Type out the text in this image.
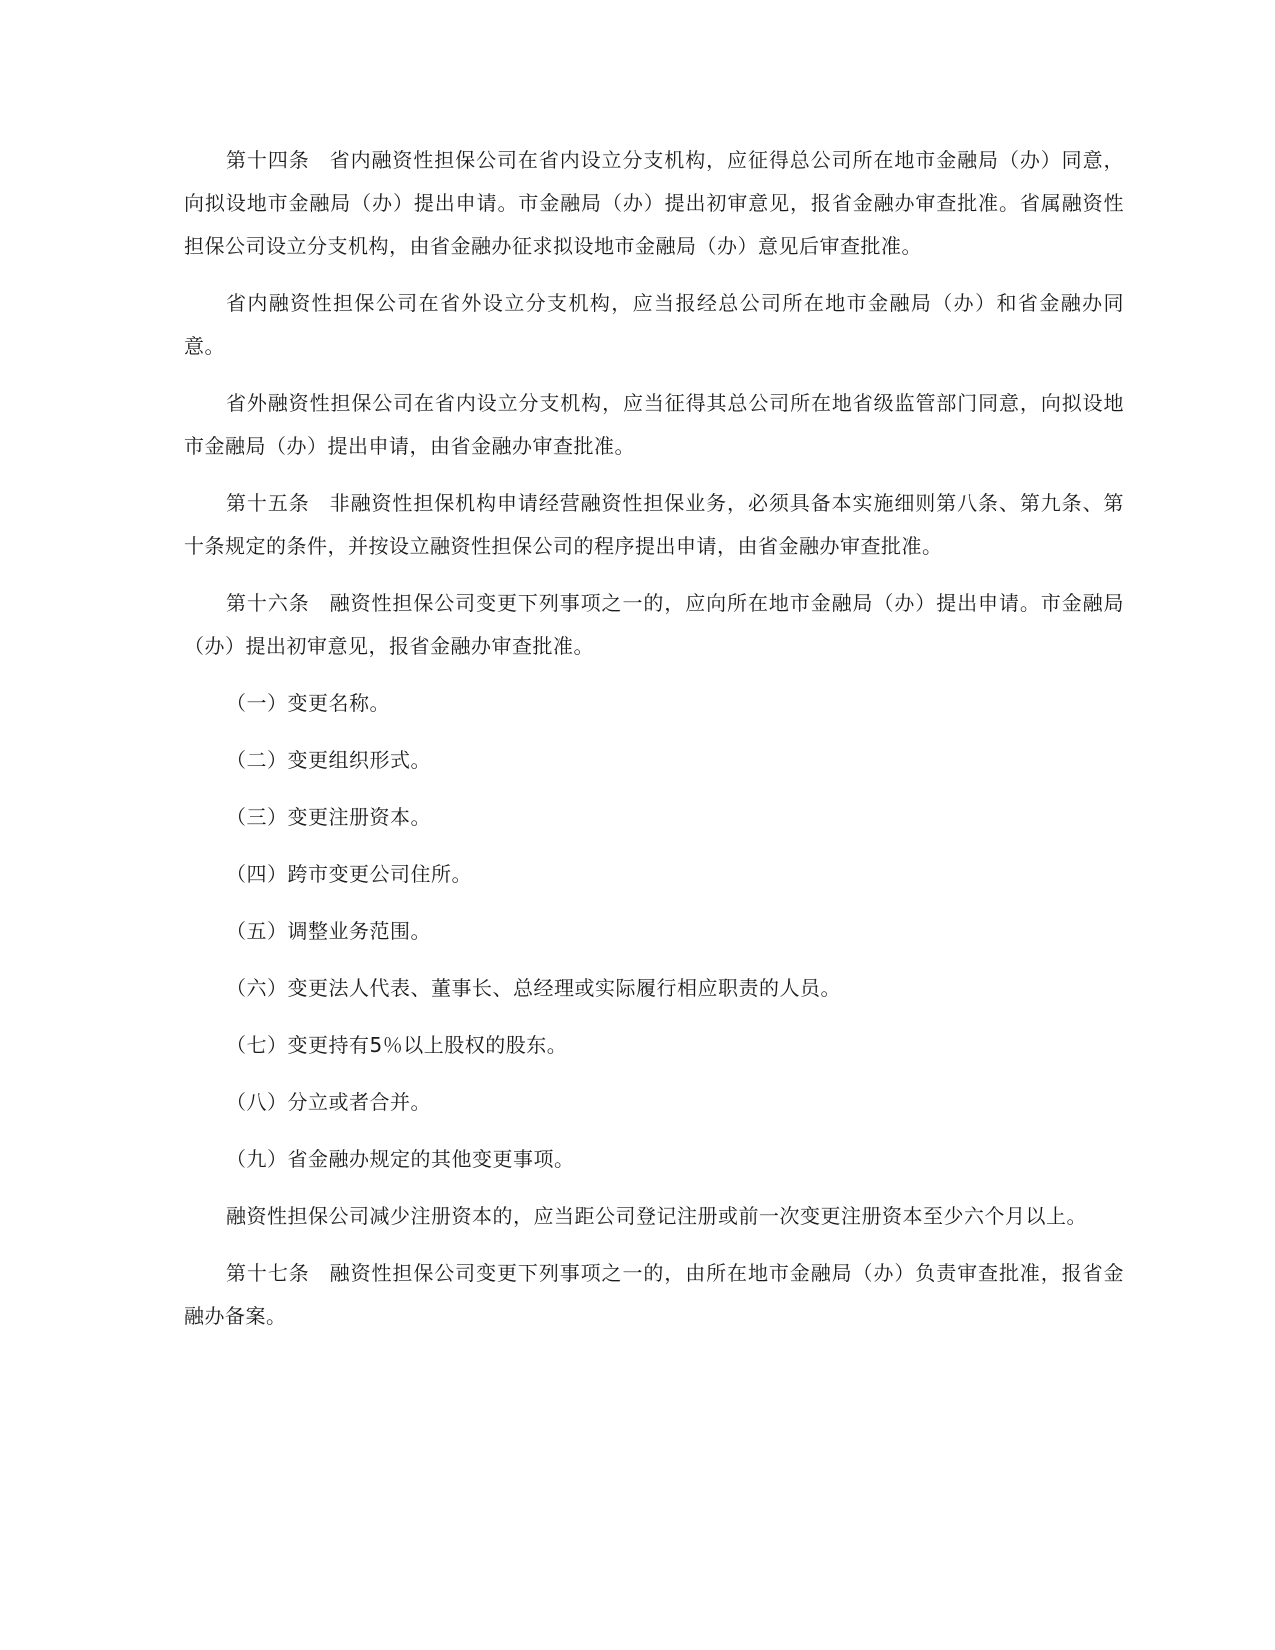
第十四条 省内融资性担保公司在省内设立分支机构，应征得总公司所在地市金融局（办）同意，向拟设地市金融局（办）提出申请。市金融局（办）提出初审意见，报省金融办审查批准。省属融资性担保公司设立分支机构，由省金融办征求拟设地市金融局（办）意见后审查批准。

省内融资性担保公司在省外设立分支机构，应当报经总公司所在地市金融局（办）和省金融办同意。

省外融资性担保公司在省内设立分支机构，应当征得其总公司所在地省级监管部门同意，向拟设地市金融局（办）提出申请，由省金融办审查批准。

第十五条 非融资性担保机构申请经营融资性担保业务，必须具备本实施细则第八条、第九条、第十条规定的条件，并按设立融资性担保公司的程序提出申请，由省金融办审查批准。

第十六条 融资性担保公司变更下列事项之一的，应向所在地市金融局（办）提出申请。市金融局（办）提出初审意见，报省金融办审查批准。

（一）变更名称。

（二）变更组织形式。

（三）变更注册资本。

（四）跨市变更公司住所。

（五）调整业务范围。

（六）变更法人代表、董事长、总经理或实际履行相应职责的人员。

（七）变更持有5％以上股权的股东。

（八）分立或者合并。

（九）省金融办规定的其他变更事项。

融资性担保公司减少注册资本的，应当距公司登记注册或前一次变更注册资本至少六个月以上。

第十七条 融资性担保公司变更下列事项之一的，由所在地市金融局（办）负责审查批准，报省金融办备案。
